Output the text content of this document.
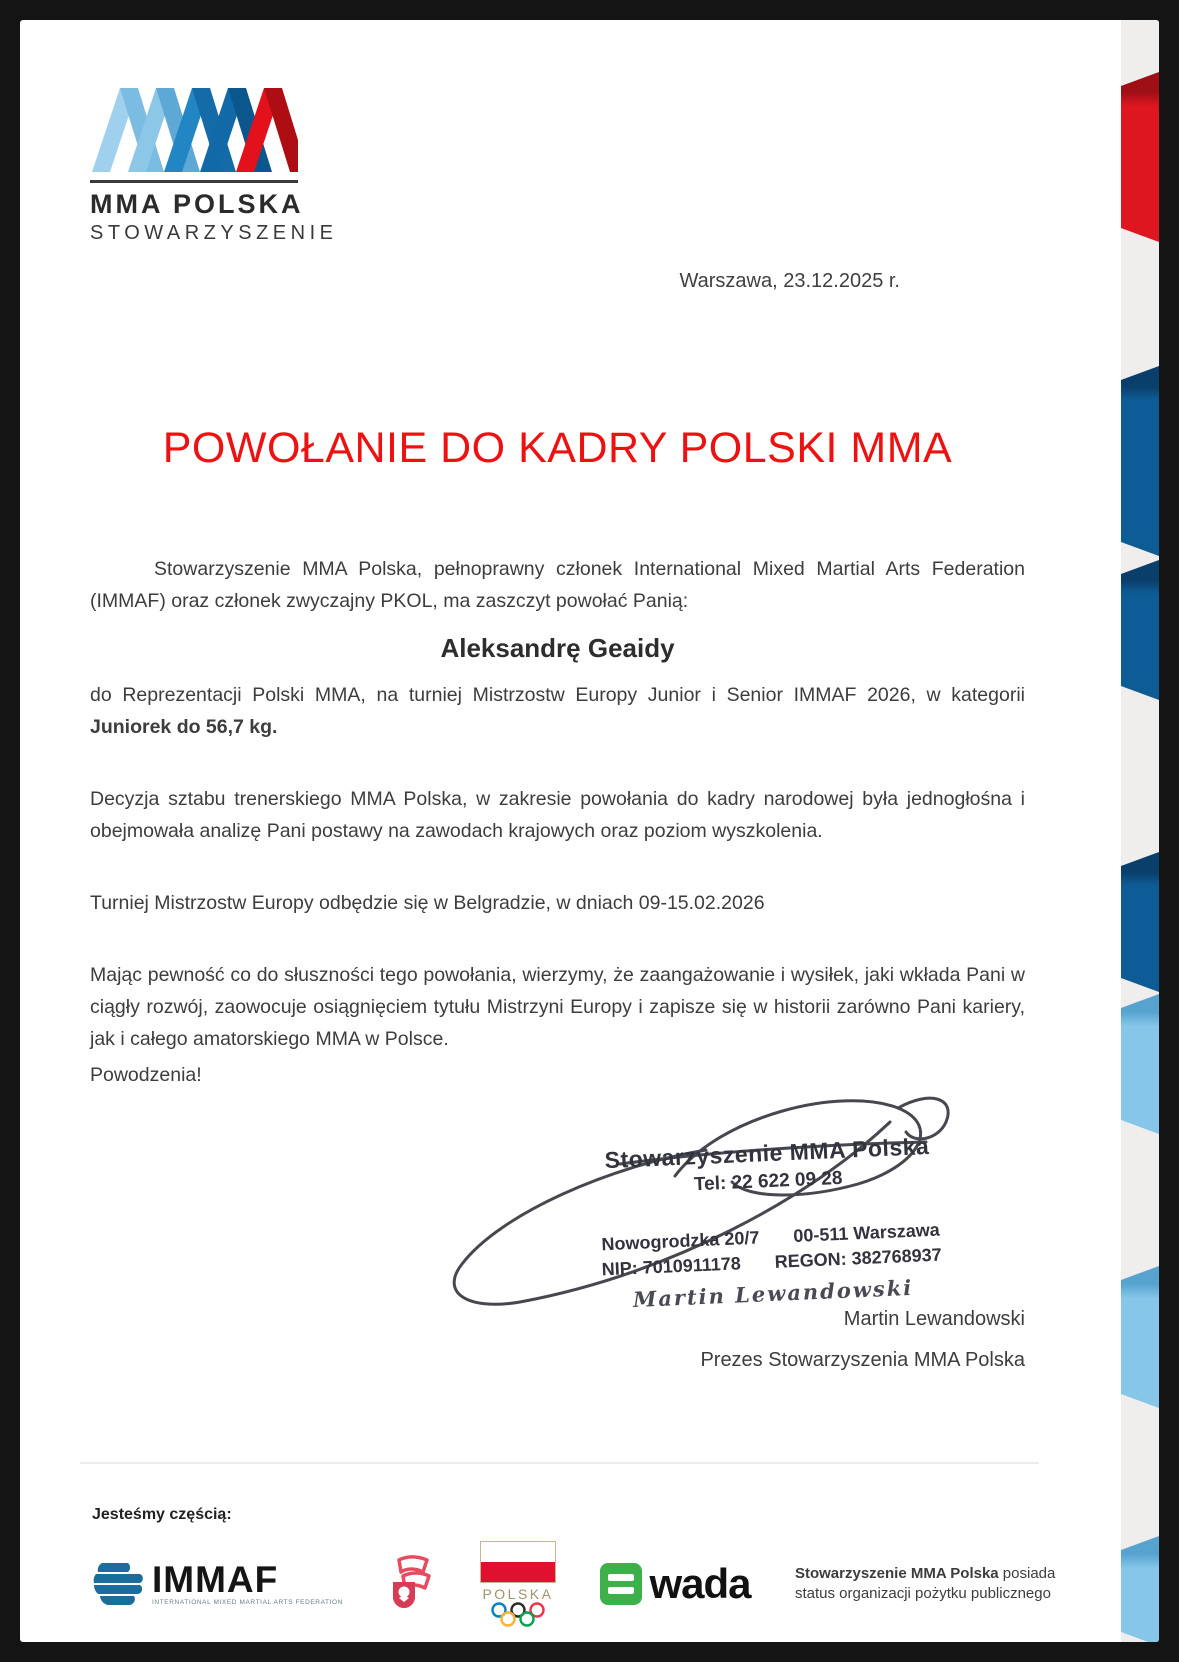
MMA POLSKA
STOWARZYSZENIE
Warszawa, 23.12.2025 r.
POWOŁANIE DO KADRY POLSKI MMA

Stowarzyszenie MMA Polska, pełnoprawny członek International Mixed Martial Arts Federation (IMMAF) oraz członek zwyczajny PKOL, ma zaszczyt powołać Panią:

Aleksandrę Geaidy

do Reprezentacji Polski MMA, na turniej Mistrzostw Europy Junior i Senior IMMAF 2026, w kategorii Juniorek do 56,7 kg.

Decyzja sztabu trenerskiego MMA Polska, w zakresie powołania do kadry narodowej była jednogłośna i obejmowała analizę Pani postawy na zawodach krajowych oraz poziom wyszkolenia.

Turniej Mistrzostw Europy odbędzie się w Belgradzie, w dniach 09-15.02.2026

Mając pewność co do słuszności tego powołania, wierzymy, że zaangażowanie i wysiłek, jaki wkłada Pani w ciągły rozwój, zaowocuje osiągnięciem tytułu Mistrzyni Europy i zapisze się w historii zarówno Pani kariery, jak i całego amatorskiego MMA w Polsce.

Powodzenia!

Stowarzyszenie MMA Polska
Tel: 22 622 09 28
Nowogrodzka 20/7 00-511 Warszawa
NIP: 7010911178 REGON: 382768937
Martin Lewandowski
Martin Lewandowski
Prezes Stowarzyszenia MMA Polska
Jesteśmy częścią:
IMMAF
INTERNATIONAL MIXED MARTIAL ARTS FEDERATION
POLSKA wada	Stowarzyszenie MMA Polska posiada status organizacji pożytku publicznego
